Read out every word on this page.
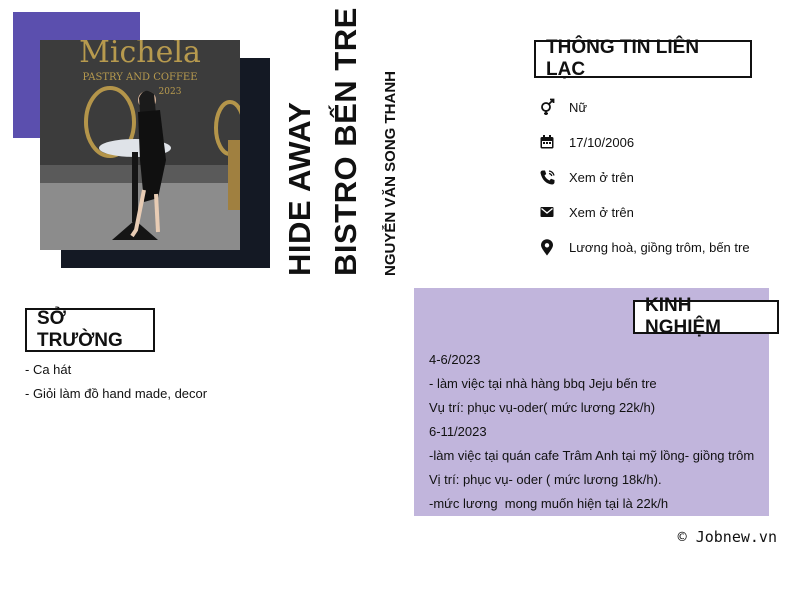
Michela
PASTRY AND COFFEE
2023
HIDE AWAY BISTRO BẾN TRE NGUYỄN VĂN SONG THANH
THÔNG TIN LIÊN LẠC
Nữ
17/10/2006
Xem ở trên
Xem ở trên
Lương hoà, giồng trôm, bến tre
SỞ TRƯỜNG
- Ca hát
- Giỏi làm đồ hand made, decor
KINH NGHIỆM
4-6/2023
- làm việc tại nhà hàng bbq Jeju bến tre
Vụ trí: phục vụ-oder( mức lương 22k/h)
6-11/2023
-làm việc tại quán cafe Trâm Anh tại mỹ lồng- giồng trôm
Vị trí: phục vụ- oder ( mức lương 18k/h).
-mức lương  mong muốn hiện tại là 22k/h
© Jobnew.vn
